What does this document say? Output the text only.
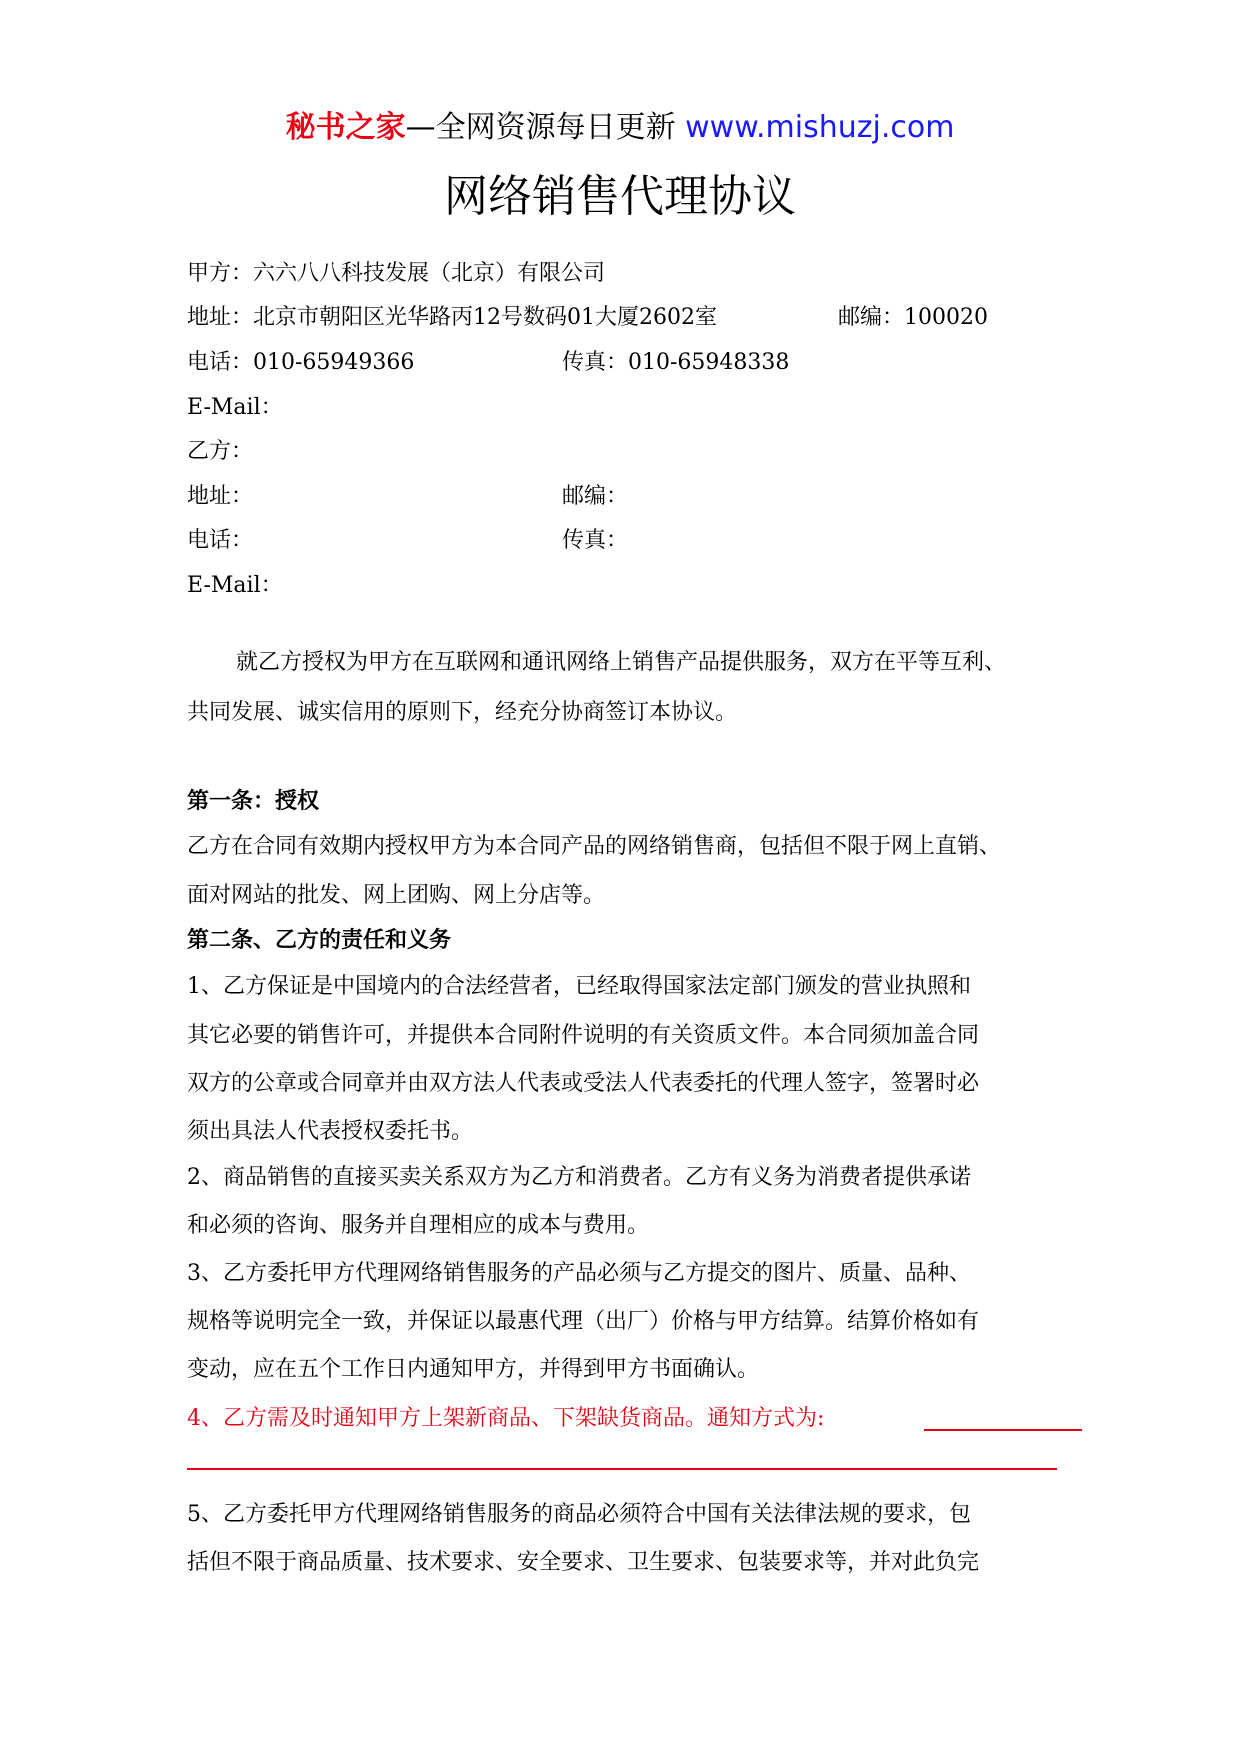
秘书之家—全网资源每日更新 www.mishuzj.com
网络销售代理协议
甲方：六六八八科技发展（北京）有限公司
地址：北京市朝阳区光华路丙12号数码01大厦2602室	邮编：100020
电话：010-65949366	传真：010-65948338
E-Mail：
乙方：
地址：	邮编：
电话：	传真：
E-Mail：
就乙方授权为甲方在互联网和通讯网络上销售产品提供服务，双方在平等互利、
共同发展、诚实信用的原则下，经充分协商签订本协议。
第一条：授权
乙方在合同有效期内授权甲方为本合同产品的网络销售商，包括但不限于网上直销、
面对网站的批发、网上团购、网上分店等。
第二条、乙方的责任和义务
1、乙方保证是中国境内的合法经营者，已经取得国家法定部门颁发的营业执照和
其它必要的销售许可，并提供本合同附件说明的有关资质文件。本合同须加盖合同
双方的公章或合同章并由双方法人代表或受法人代表委托的代理人签字，签署时必
须出具法人代表授权委托书。
2、商品销售的直接买卖关系双方为乙方和消费者。乙方有义务为消费者提供承诺
和必须的咨询、服务并自理相应的成本与费用。
3、乙方委托甲方代理网络销售服务的产品必须与乙方提交的图片、质量、品种、
规格等说明完全一致，并保证以最惠代理（出厂）价格与甲方结算。结算价格如有
变动，应在五个工作日内通知甲方，并得到甲方书面确认。
4、乙方需及时通知甲方上架新商品、下架缺货商品。通知方式为:
5、乙方委托甲方代理网络销售服务的商品必须符合中国有关法律法规的要求，包
括但不限于商品质量、技术要求、安全要求、卫生要求、包装要求等，并对此负完
